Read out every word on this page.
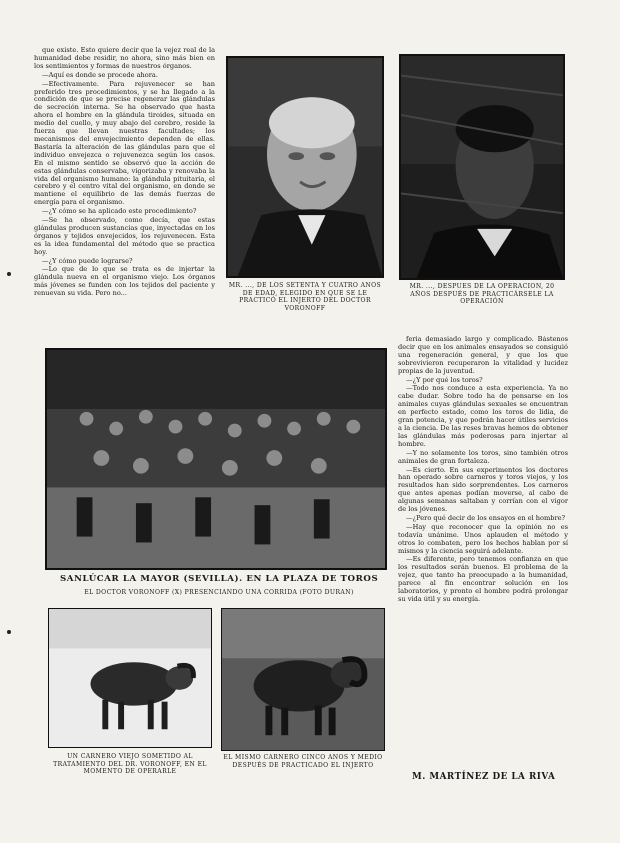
que existe. Esto quiere decir que la vejez real de la humanidad debe residir, no ahora, sino más bien en los sentimientos y formas de nuestros órganos.

—Aquí es donde se procede ahora.

—Efectivamente. Para rejuvenecer se han preferido tres procedimientos, y se ha llegado a la condición de que se precise regenerar las glándulas de secreción interna. Se ha observado que hasta ahora el hombre en la glándula tiroides, situada en medio del cuello, y muy abajo del cerebro, reside la fuerza que llevan nuestras facultades; los mecanismos del envejecimiento dependen de ellas. Bastaría la alteración de las glándulas para que el individuo envejezca o rejuvenezca según los casos. En el mismo sentido se observó que la acción de estas glándulas conservaba, vigorizaba y renovaba la vida del organismo humano: la glándula pituitaria, el cerebro y el centro vital del organismo, en donde se mantiene el equilibrio de las demás fuerzas de energía para el organismo.

—¿Y cómo se ha aplicado este procedimiento?

—Se ha observado, como decía, que estas glándulas producen sustancias que, inyectadas en los órganos y tejidos envejecidos, los rejuvenecen. Esta es la idea fundamental del método que se practica hoy.

—¿Y cómo puede lograrse?

—Lo que de lo que se trata es de injertar la glándula nueva en el organismo viejo. Los órganos más jóvenes se funden con los tejidos del paciente y renuevan su vida. Pero no...

MR. ..., DE LOS SETENTA Y CUATRO AÑOS DE EDAD, ELEGIDO EN QUE SE LE PRACTICÓ EL INJERTO DEL DOCTOR VORONOFF
MR. ..., DESPUÉS DE LA OPERACIÓN, 20 AÑOS DESPUÉS DE PRACTICÁRSELE LA OPERACIÓN
SANLÚCAR LA MAYOR (SEVILLA). EN LA PLAZA DE TOROS
EL DOCTOR VORONOFF (X) PRESENCIANDO UNA CORRIDA (FOTO DURÁN)

feria demasiado largo y complicado. Bástenos decir que en los animales ensayados se consiguió una regeneración general, y que los que sobrevivieron recuperaron la vitalidad y lucidez propias de la juventud.

—¿Y por qué los toros?

—Todo nos conduce a esta experiencia. Ya no cabe dudar. Sobre todo ha de pensarse en los animales cuyas glándulas sexuales se encuentran en perfecto estado, como los toros de lidia, de gran potencia, y que podrán hacer útiles servicios a la ciencia. De las reses bravas hemos de obtener las glándulas más poderosas para injertar al hombre.

—Y no solamente los toros, sino también otros animales de gran fortaleza.

—Es cierto. En sus experimentos los doctores han operado sobre carneros y toros viejos, y los resultados han sido sorprendentes. Los carneros que antes apenas podían moverse, al cabo de algunas semanas saltaban y corrían con el vigor de los jóvenes.

—¿Pero qué decir de los ensayos en el hombre?

—Hay que reconocer que la opinión no es todavía unánime. Unos aplauden el método y otros lo combaten, pero los hechos hablan por sí mismos y la ciencia seguirá adelante.

—Es diferente, pero tenemos confianza en que los resultados serán buenos. El problema de la vejez, que tanto ha preocupado a la humanidad, parece al fin encontrar solución en los laboratorios, y pronto el hombre podrá prolongar su vida útil y su energía.

M. MARTÍNEZ DE LA RIVA
UN CARNERO VIEJO SOMETIDO AL TRATAMIENTO DEL DR. VORONOFF, EN EL MOMENTO DE OPERARLE
EL MISMO CARNERO CINCO AÑOS Y MEDIO DESPUÉS DE PRACTICADO EL INJERTO
